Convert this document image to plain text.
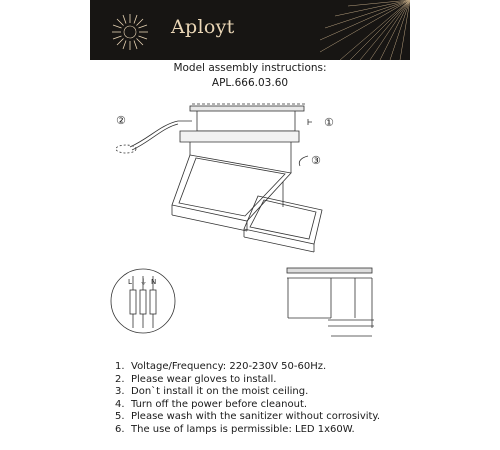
Aployt
Model assembly instructions:
APL.666.03.60
②	①
③
L ⏚ N
1. Voltage/Frequency: 220-230V 50-60Hz.
2. Please wear gloves to install.
3. Don`t install it on the moist ceiling.
4. Turn off the power before cleanout.
5. Please wash with the sanitizer without corrosivity.
6. The use of lamps is permissible: LED 1x60W.
